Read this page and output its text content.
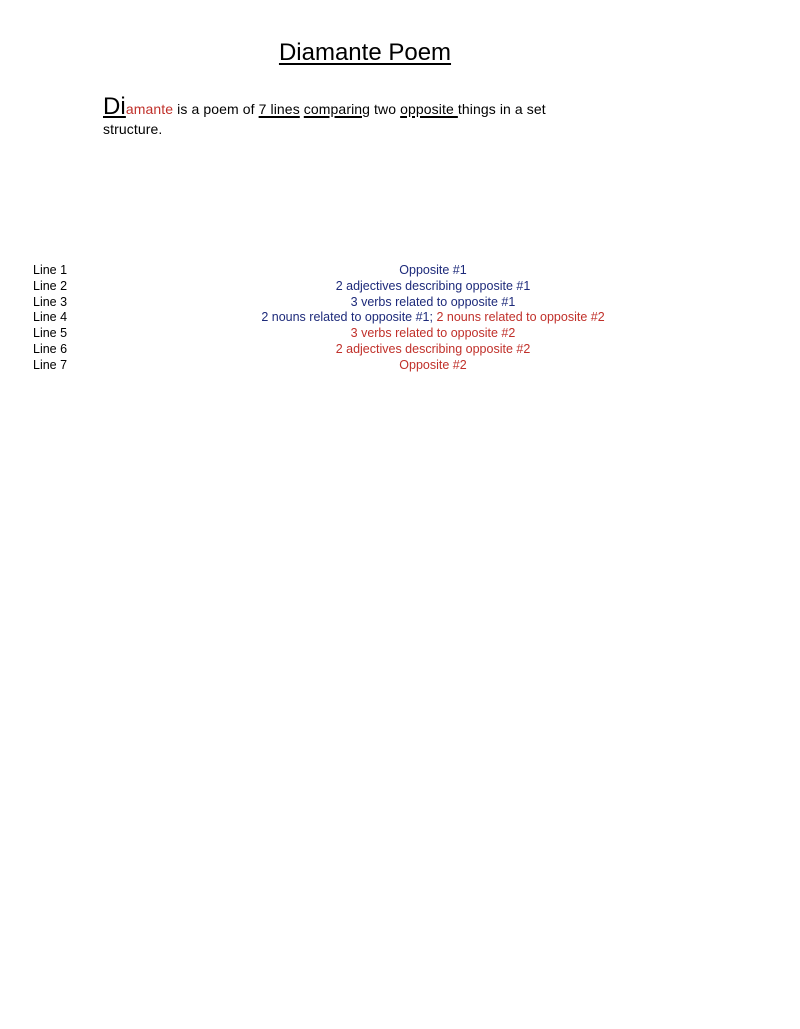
Diamante Poem
Diamante is a poem of 7 lines comparing two opposite things in a set
structure.
Line 1
Line 2
Line 3
Line 4
Line 5
Line 6
Line 7
Opposite #1
2 adjectives describing opposite #1
3 verbs related to opposite #1
2 nouns related to opposite #1; 2 nouns related to opposite #2
3 verbs related to opposite #2
2 adjectives describing opposite #2
Opposite #2
